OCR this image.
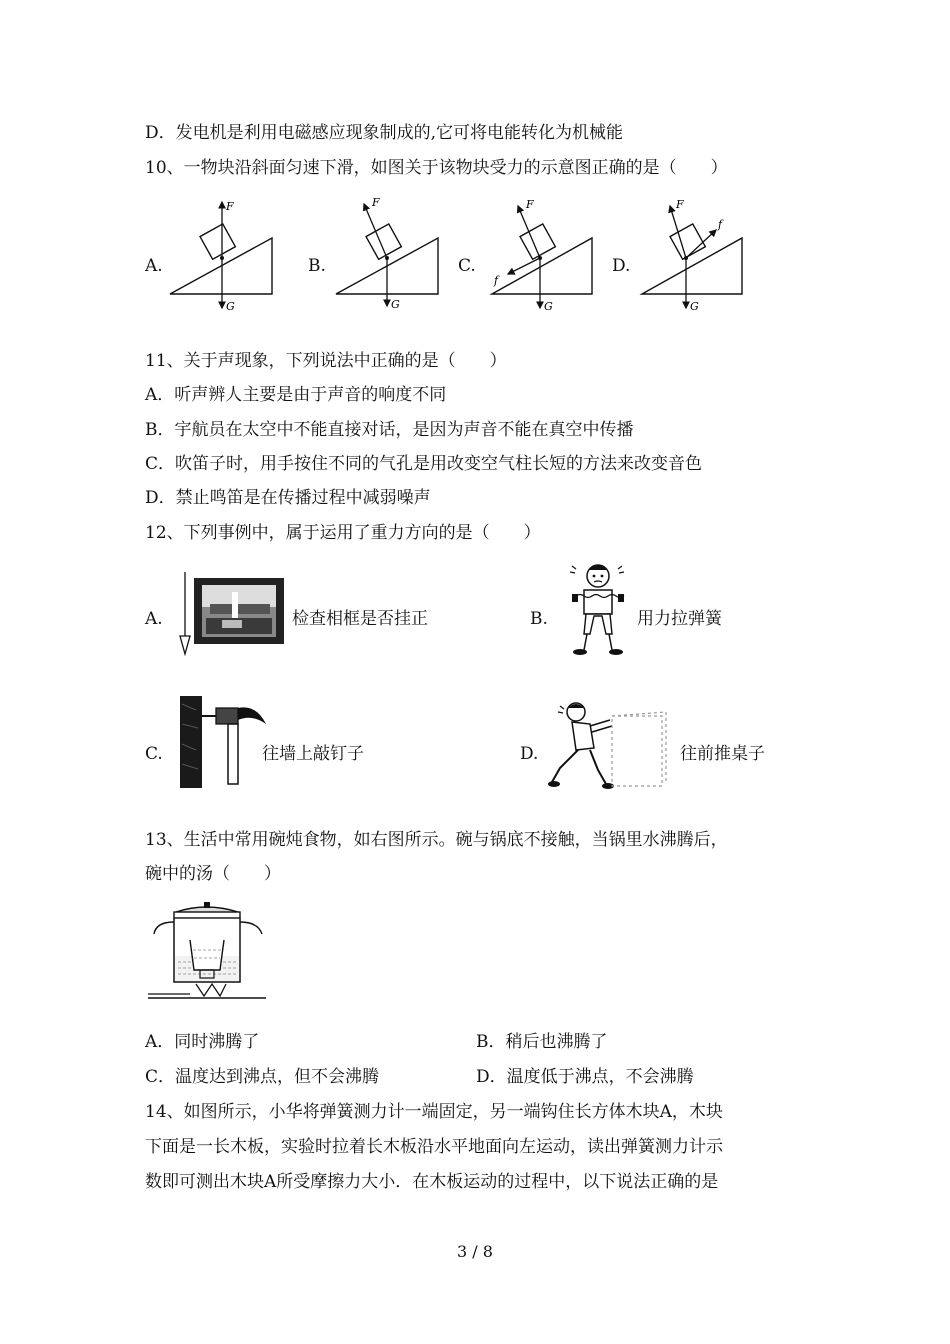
D．发电机是利用电磁感应现象制成的,它可将电能转化为机械能
10、一物块沿斜面匀速下滑，如图关于该物块受力的示意图正确的是（　　）
A.
F
G
B.
F
G
C.
F
G
f
D.
F
G
f
11、关于声现象，下列说法中正确的是（　　）
A．听声辨人主要是由于声音的响度不同
B．宇航员在太空中不能直接对话，是因为声音不能在真空中传播
C．吹笛子时，用手按住不同的气孔是用改变空气柱长短的方法来改变音色
D．禁止鸣笛是在传播过程中减弱噪声
12、下列事例中，属于运用了重力方向的是（　　）
A.	检查相框是否挂正	B.	用力拉弹簧
C.	往墙上敲钉子	D.	往前推桌子
13、生活中常用碗炖食物，如右图所示。碗与锅底不接触，当锅里水沸腾后，
碗中的汤（　　）
A．同时沸腾了	B．稍后也沸腾了
C．温度达到沸点，但不会沸腾	D．温度低于沸点，不会沸腾
14、如图所示，小华将弹簧测力计一端固定，另一端钩住长方体木块A，木块
下面是一长木板，实验时拉着长木板沿水平地面向左运动，读出弹簧测力计示
数即可测出木块A所受摩擦力大小．在木板运动的过程中，以下说法正确的是
3 / 8
